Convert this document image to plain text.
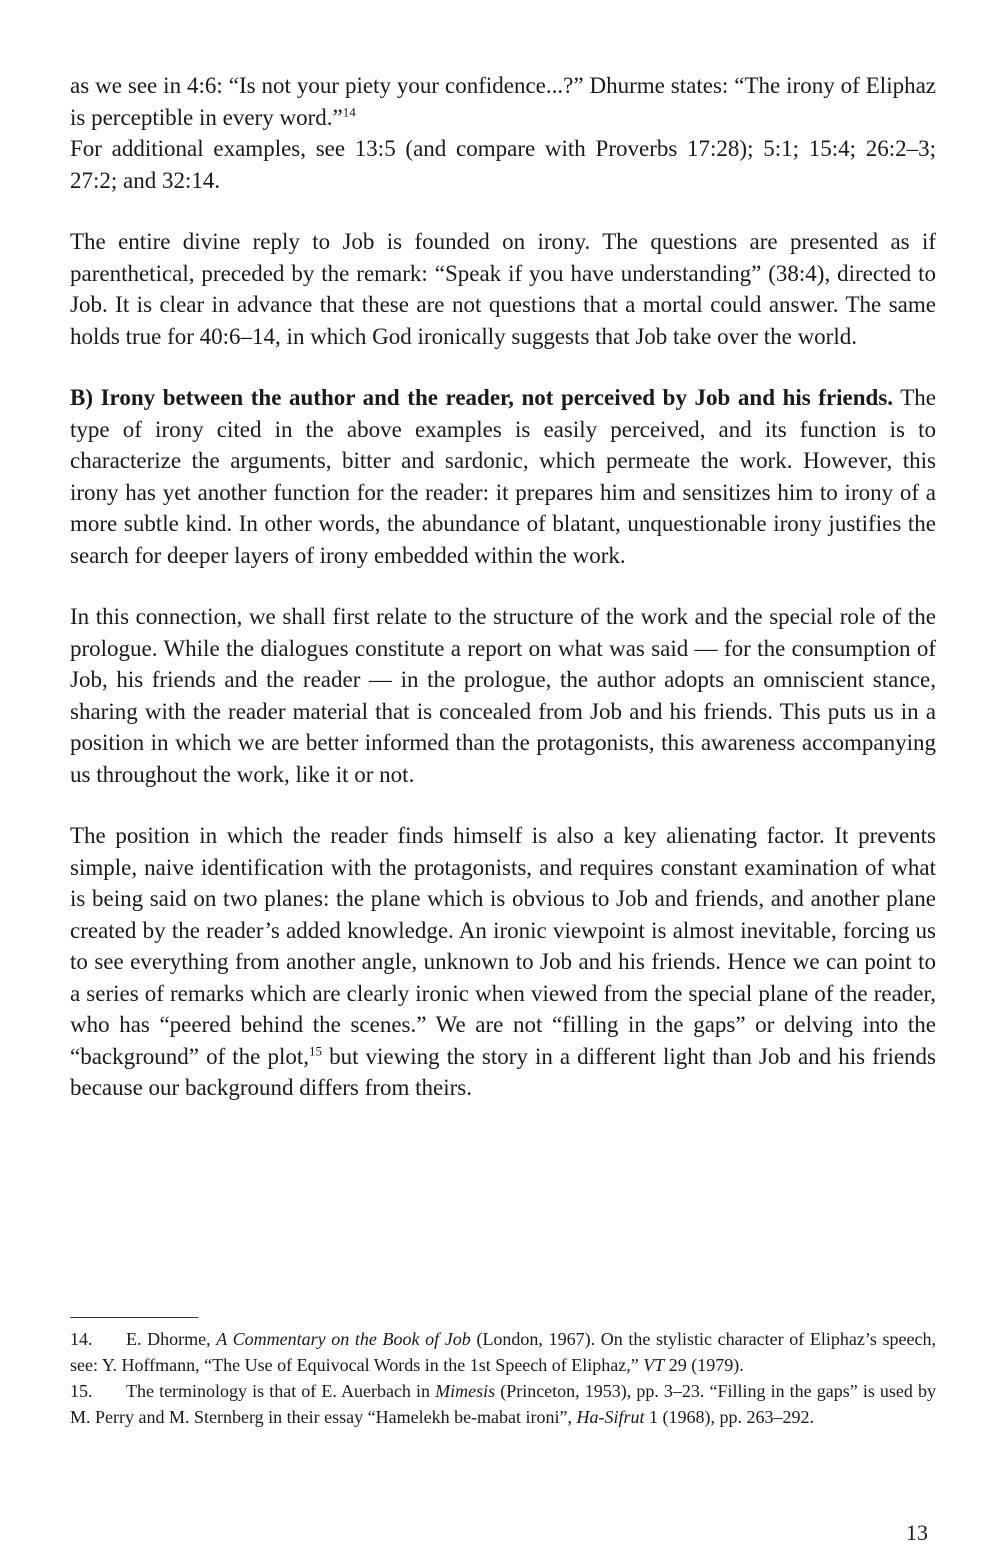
as we see in 4:6: “Is not your piety your confidence...?” Dhurme states: “The irony of Eliphaz is perceptible in every word.”$^{14}$

For additional examples, see 13:5 (and compare with Proverbs 17:28); 5:1; 15:4; 26:2–3; 27:2; and 32:14.

The entire divine reply to Job is founded on irony. The questions are presented as if parenthetical, preceded by the remark: “Speak if you have understanding” (38:4), directed to Job. It is clear in advance that these are not questions that a mortal could answer. The same holds true for 40:6–14, in which God ironically suggests that Job take over the world.

B) Irony between the author and the reader, not perceived by Job and his friends. The type of irony cited in the above examples is easily perceived, and its function is to characterize the arguments, bitter and sardonic, which permeate the work. However, this irony has yet another function for the reader: it prepares him and sensitizes him to irony of a more subtle kind. In other words, the abundance of blatant, unquestionable irony justifies the search for deeper layers of irony embedded within the work.

In this connection, we shall first relate to the structure of the work and the special role of the prologue. While the dialogues constitute a report on what was said — for the consumption of Job, his friends and the reader — in the prologue, the author adopts an omniscient stance, sharing with the reader material that is concealed from Job and his friends. This puts us in a position in which we are better informed than the protagonists, this awareness accompanying us throughout the work, like it or not.

The position in which the reader finds himself is also a key alienating factor. It prevents simple, naive identification with the protagonists, and requires constant examination of what is being said on two planes: the plane which is obvious to Job and friends, and another plane created by the reader’s added knowledge. An ironic viewpoint is almost inevitable, forcing us to see everything from another angle, unknown to Job and his friends. Hence we can point to a series of remarks which are clearly ironic when viewed from the special plane of the reader, who has “peered behind the scenes.” We are not “filling in the gaps” or delving into the “background” of the plot,$^{15}$ but viewing the story in a different light than Job and his friends because our background differs from theirs.

14. E. Dhorme, A Commentary on the Book of Job (London, 1967). On the stylistic character of Eliphaz’s speech, see: Y. Hoffmann, “The Use of Equivocal Words in the 1st Speech of Eliphaz,” VT 29 (1979).

15. The terminology is that of E. Auerbach in Mimesis (Princeton, 1953), pp. 3–23. “Filling in the gaps” is used by M. Perry and M. Sternberg in their essay “Hamelekh be-mabat ironi”, Ha-Sifrut 1 (1968), pp. 263–292.

13
